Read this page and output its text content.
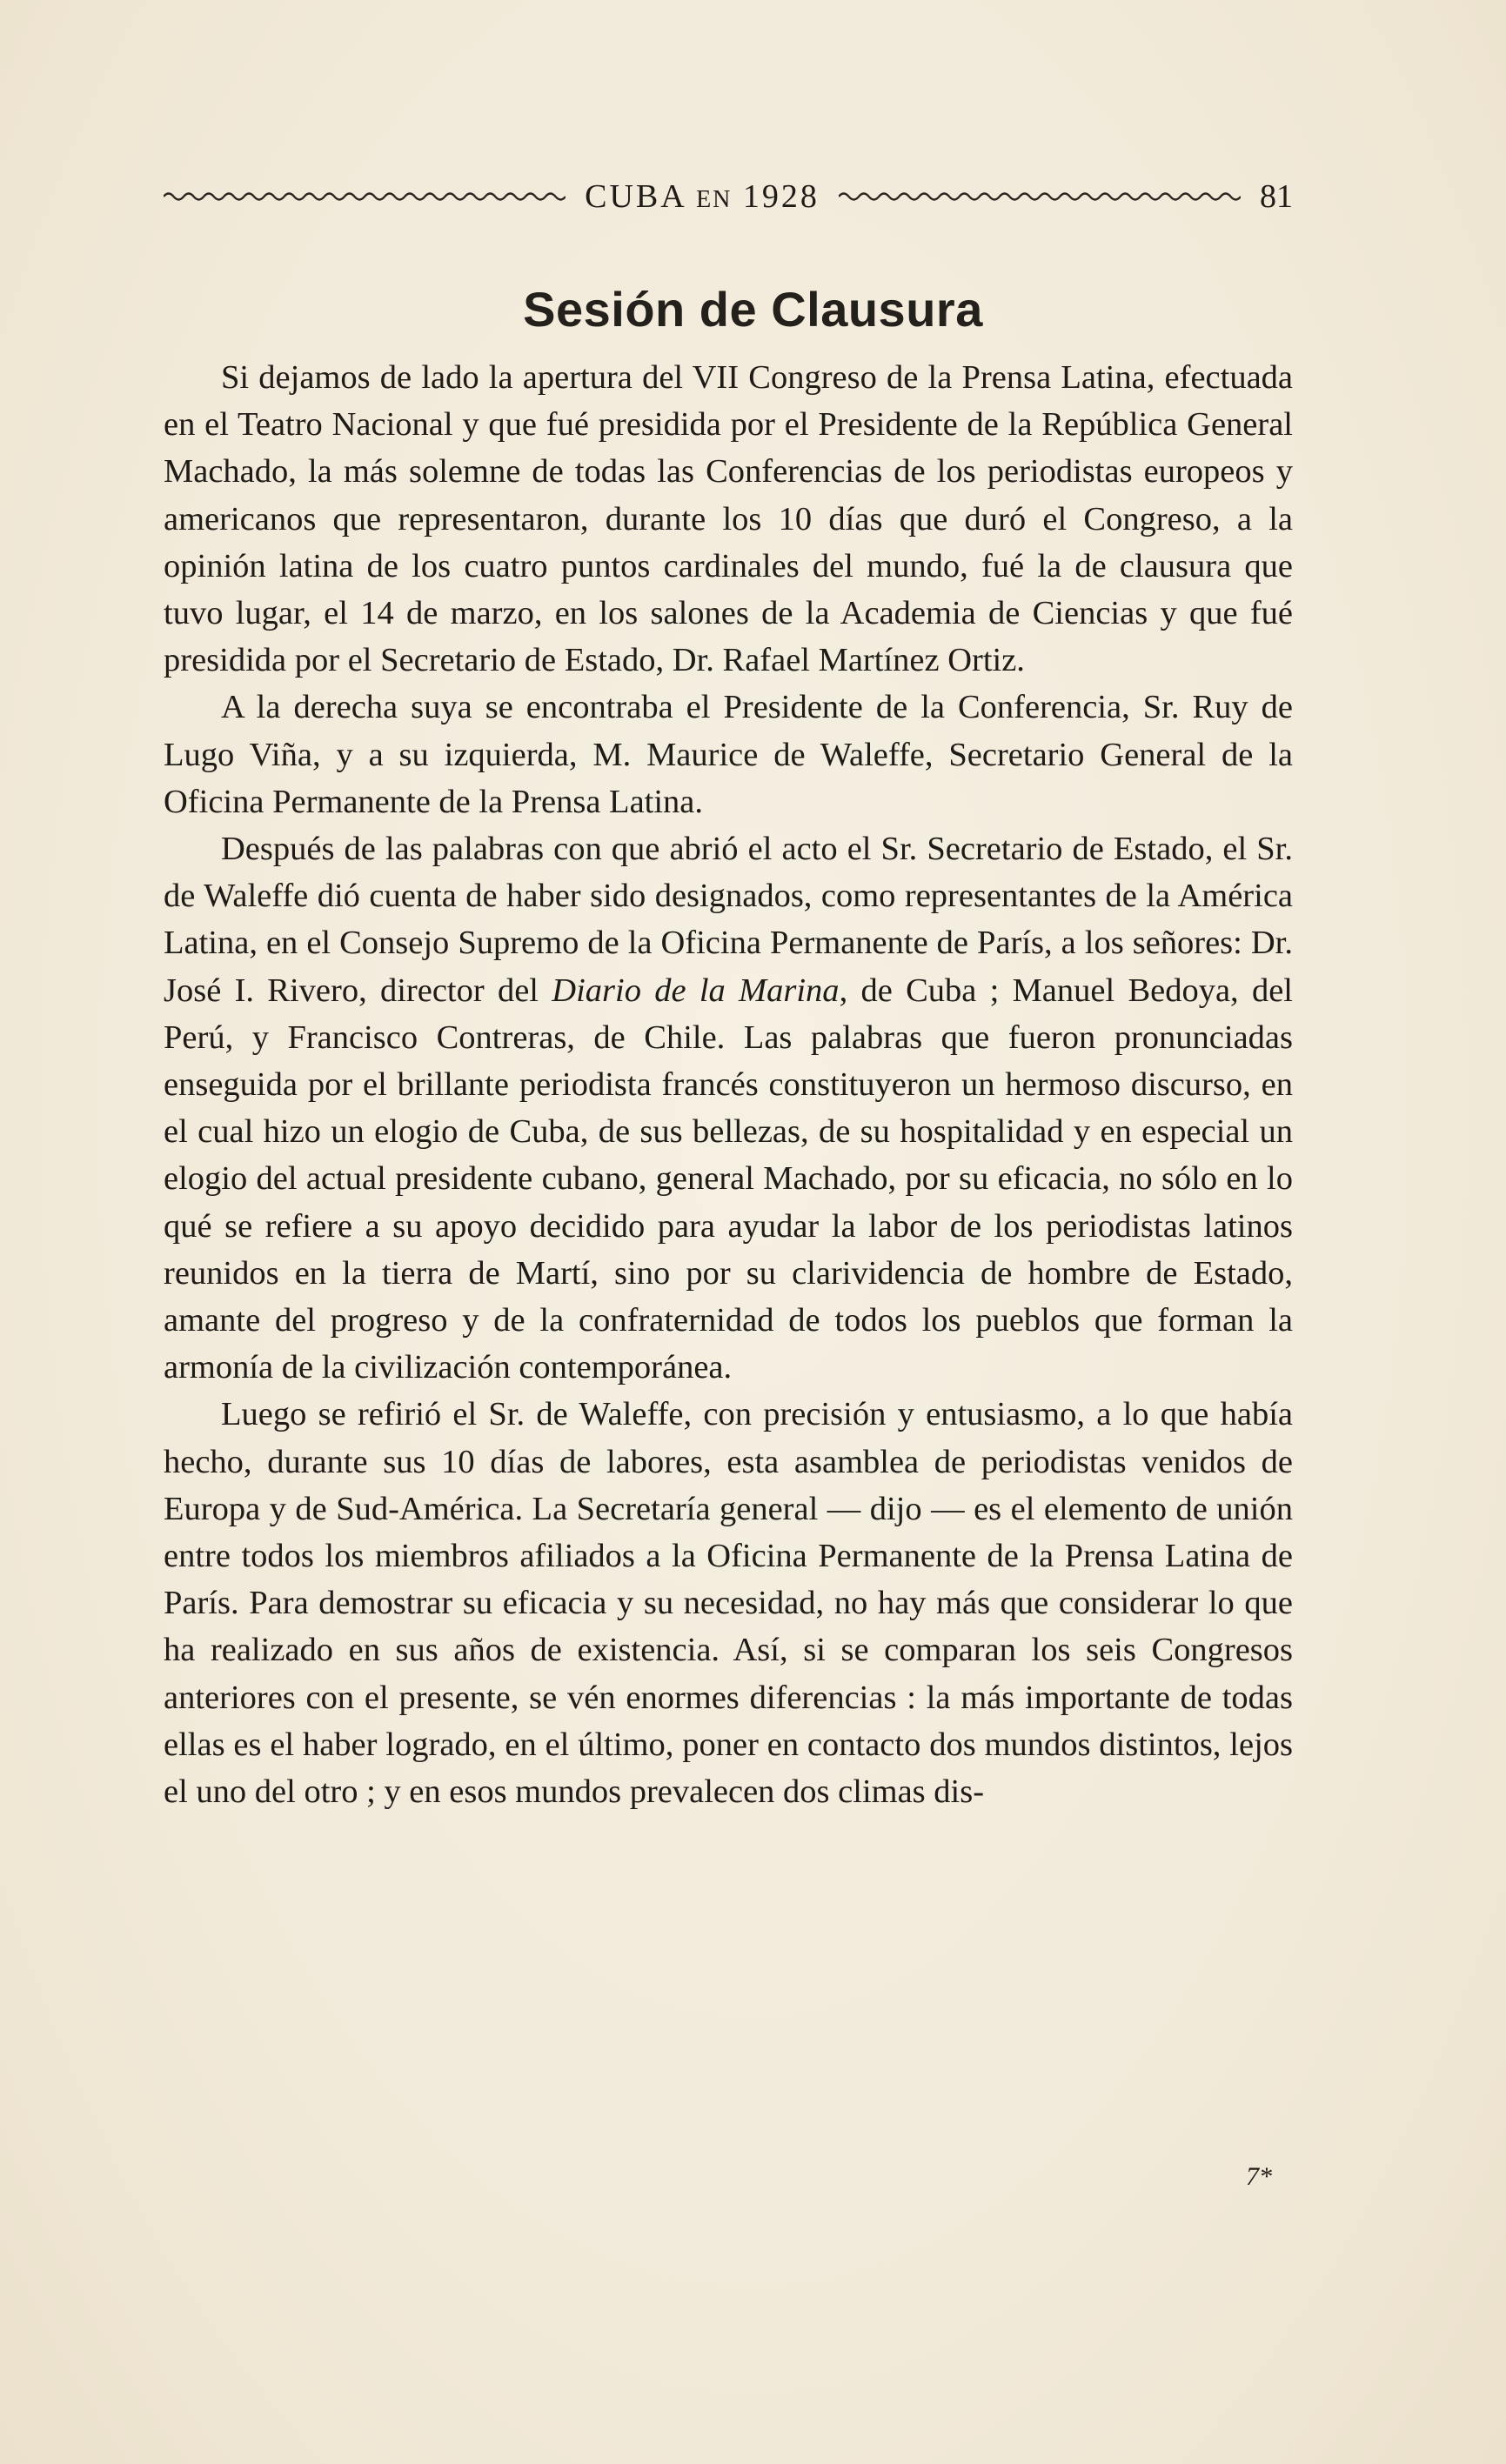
CUBA EN 1928	81
Sesión de Clausura

Si dejamos de lado la apertura del VII Congreso de la Prensa Latina, efectuada en el Teatro Nacional y que fué presidida por el Presidente de la República General Machado, la más solemne de todas las Conferencias de los periodistas europeos y americanos que representaron, durante los 10 días que duró el Congreso, a la opinión latina de los cuatro puntos cardinales del mundo, fué la de clausura que tuvo lugar, el 14 de marzo, en los salones de la Academia de Ciencias y que fué presidida por el Secretario de Estado, Dr. Rafael Martínez Ortiz.

A la derecha suya se encontraba el Presidente de la Conferencia, Sr. Ruy de Lugo Viña, y a su izquierda, M. Maurice de Waleffe, Secretario General de la Oficina Permanente de la Prensa Latina.

Después de las palabras con que abrió el acto el Sr. Secretario de Estado, el Sr. de Waleffe dió cuenta de haber sido designados, como representantes de la América Latina, en el Consejo Supremo de la Oficina Permanente de París, a los señores: Dr. José I. Rivero, director del Diario de la Marina, de Cuba ; Manuel Bedoya, del Perú, y Francisco Contreras, de Chile. Las palabras que fueron pronunciadas enseguida por el brillante periodista francés constituyeron un hermoso discurso, en el cual hizo un elogio de Cuba, de sus bellezas, de su hospitalidad y en especial un elogio del actual presidente cubano, general Machado, por su eficacia, no sólo en lo qué se refiere a su apoyo decidido para ayudar la labor de los periodistas latinos reunidos en la tierra de Martí, sino por su clarividencia de hombre de Estado, amante del progreso y de la confraternidad de todos los pueblos que forman la armonía de la civilización contemporánea.

Luego se refirió el Sr. de Waleffe, con precisión y entusiasmo, a lo que había hecho, durante sus 10 días de labores, esta asamblea de periodistas venidos de Europa y de Sud-América. La Secretaría general — dijo — es el elemento de unión entre todos los miembros afiliados a la Oficina Permanente de la Prensa Latina de París. Para demostrar su eficacia y su necesidad, no hay más que considerar lo que ha realizado en sus años de existencia. Así, si se comparan los seis Congresos anteriores con el presente, se vén enormes diferencias : la más importante de todas ellas es el haber logrado, en el último, poner en contacto dos mundos distintos, lejos el uno del otro ; y en esos mundos prevalecen dos climas dis-

7*
